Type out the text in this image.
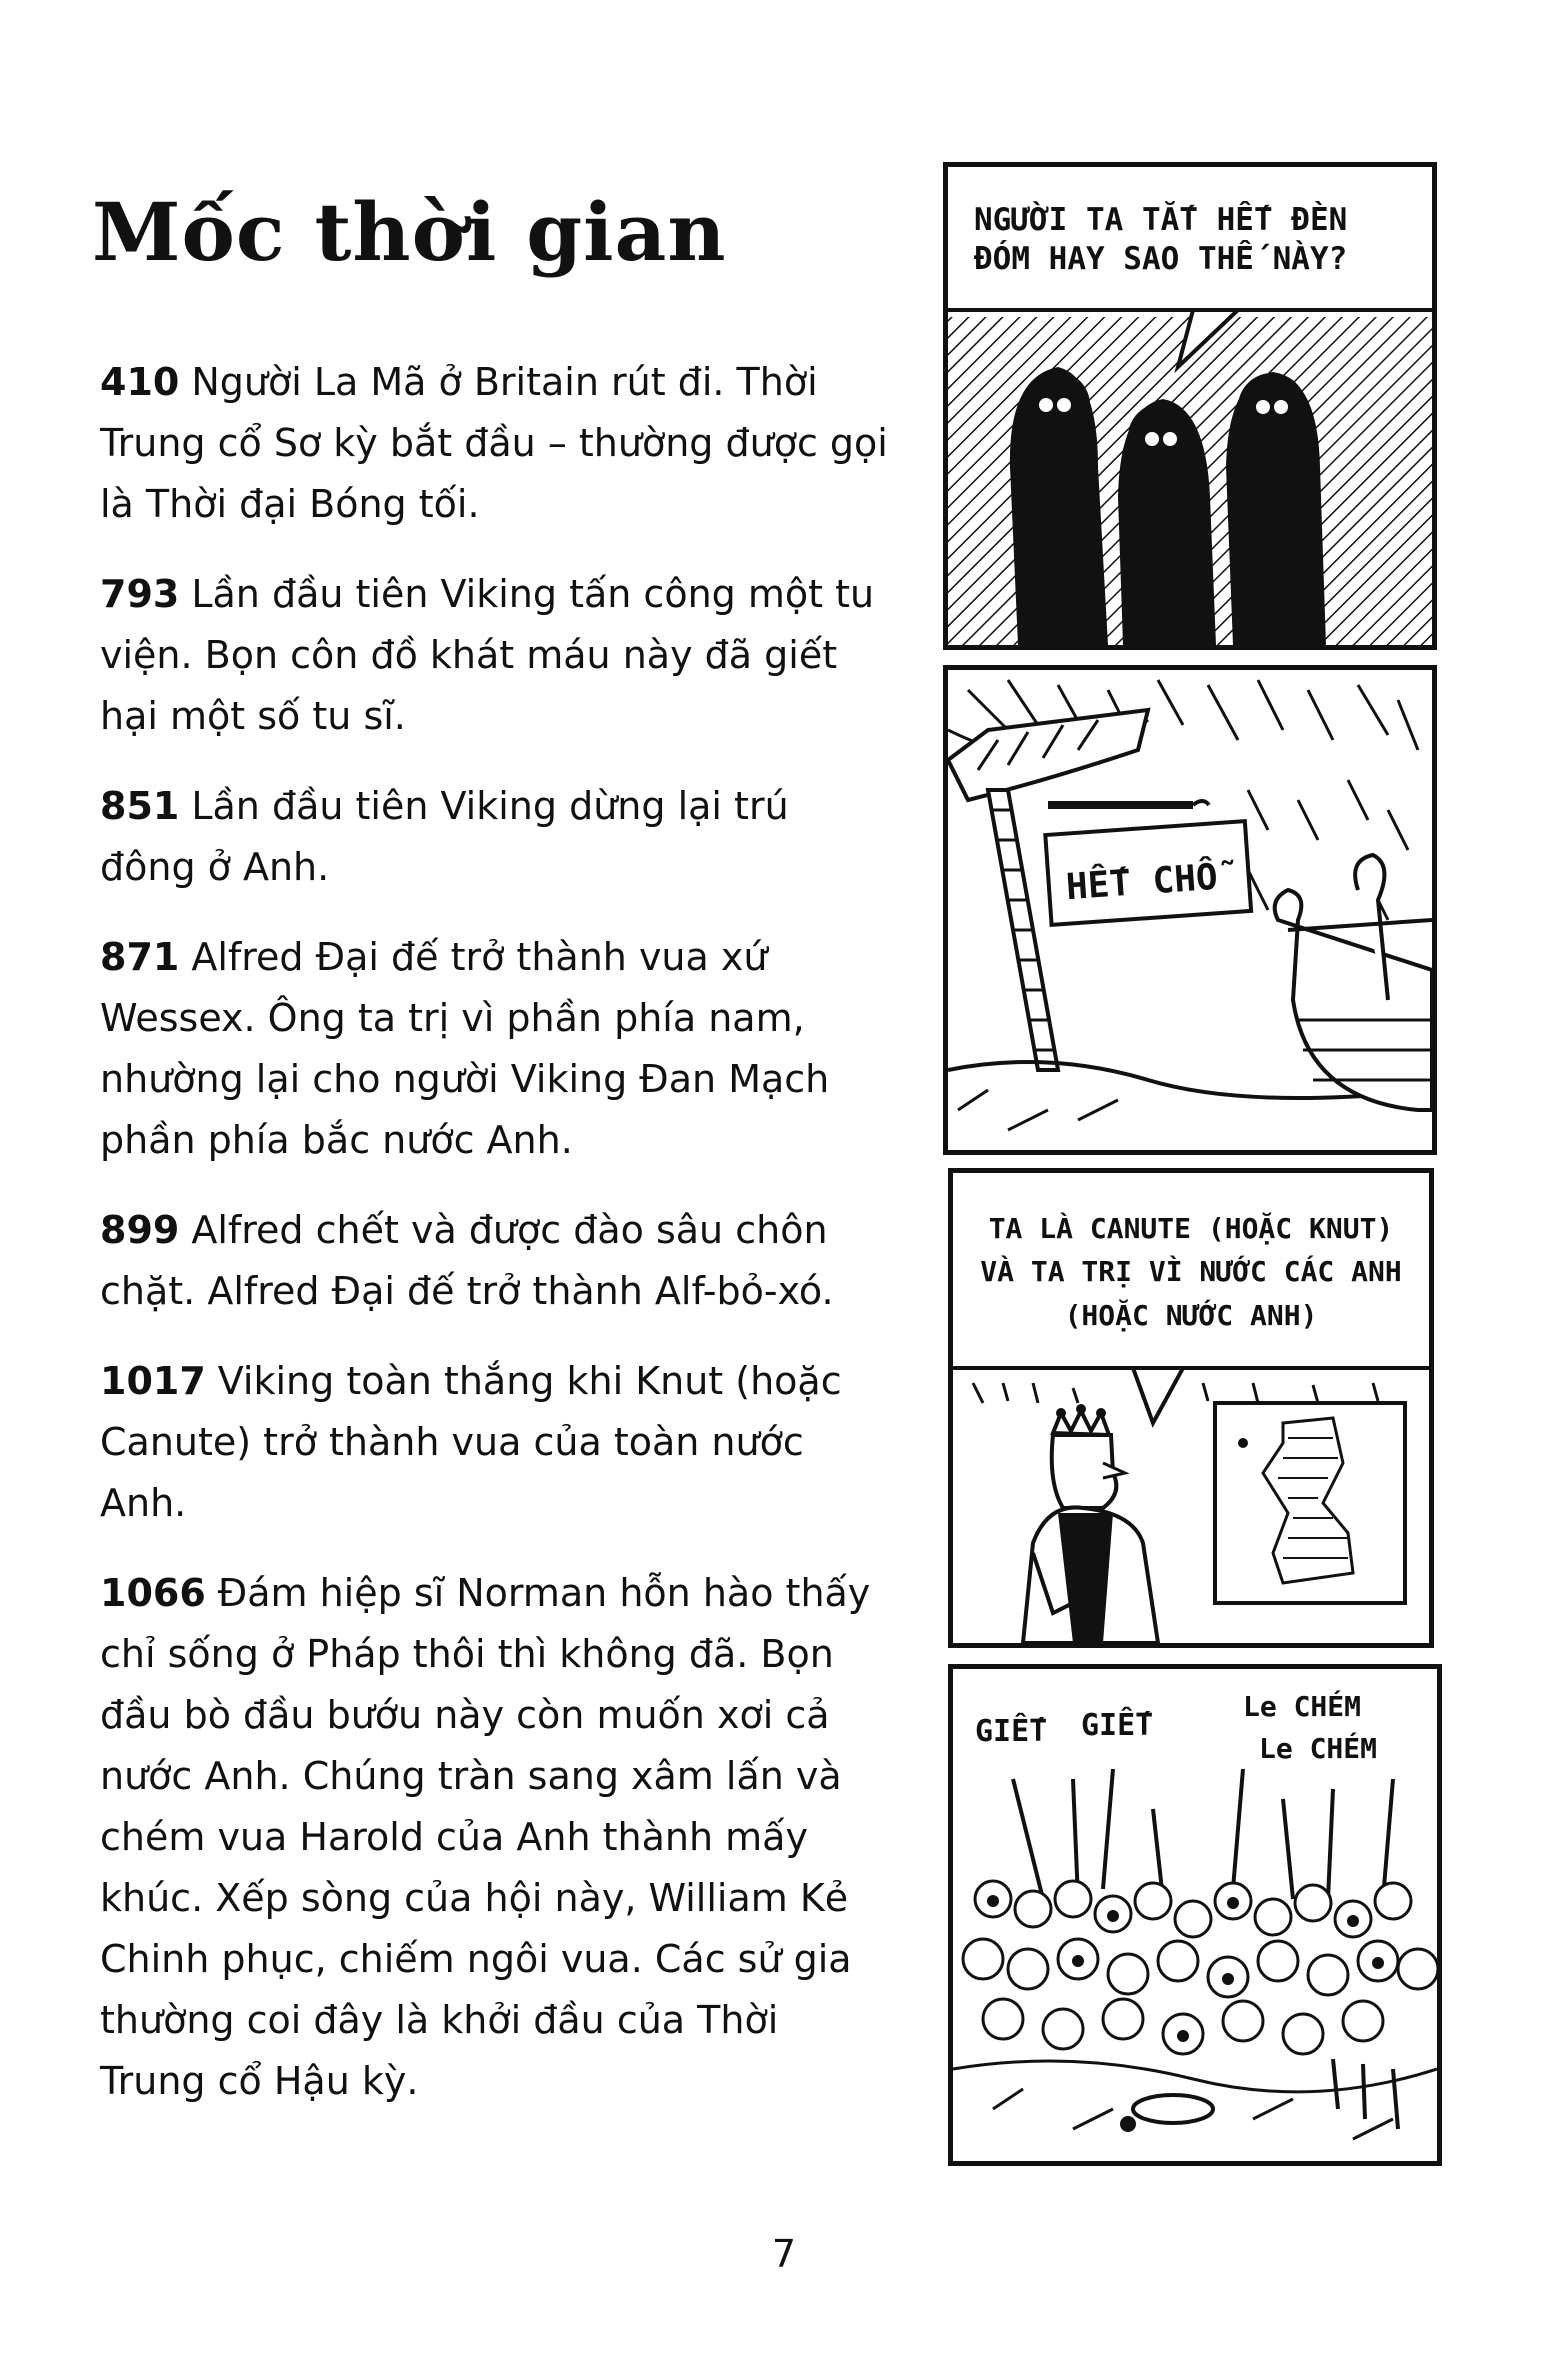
Mốc thời gian

410 Người La Mã ở Britain rút đi. Thời Trung cổ Sơ kỳ bắt đầu – thường được gọi là Thời đại Bóng tối.

793 Lần đầu tiên Viking tấn công một tu viện. Bọn côn đồ khát máu này đã giết hại một số tu sĩ.

851 Lần đầu tiên Viking dừng lại trú đông ở Anh.

871 Alfred Đại đế trở thành vua xứ Wessex. Ông ta trị vì phần phía nam, nhường lại cho người Viking Đan Mạch phần phía bắc nước Anh.

899 Alfred chết và được đào sâu chôn chặt. Alfred Đại đế trở thành Alf-bỏ-xó.

1017 Viking toàn thắng khi Knut (hoặc Canute) trở thành vua của toàn nước Anh.

1066 Đám hiệp sĩ Norman hỗn hào thấy chỉ sống ở Pháp thôi thì không đã. Bọn đầu bò đầu bướu này còn muốn xơi cả nước Anh. Chúng tràn sang xâm lấn và chém vua Harold của Anh thành mấy khúc. Xếp sòng của hội này, William Kẻ Chinh phục, chiếm ngôi vua. Các sử gia thường coi đây là khởi đầu của Thời Trung cổ Hậu kỳ.

NGƯỜI TA TẮT HẾT ĐÈN
ĐÓM HAY SAO THẾ NÀY?
HẾT CHỖ
TA LÀ CANUTE (HOẶC KNUT)
VÀ TA TRỊ VÌ NƯỚC CÁC ANH
(HOẶC NƯỚC ANH)
GIẾT GIẾT
Le CHÉM
Le CHÉM
7
